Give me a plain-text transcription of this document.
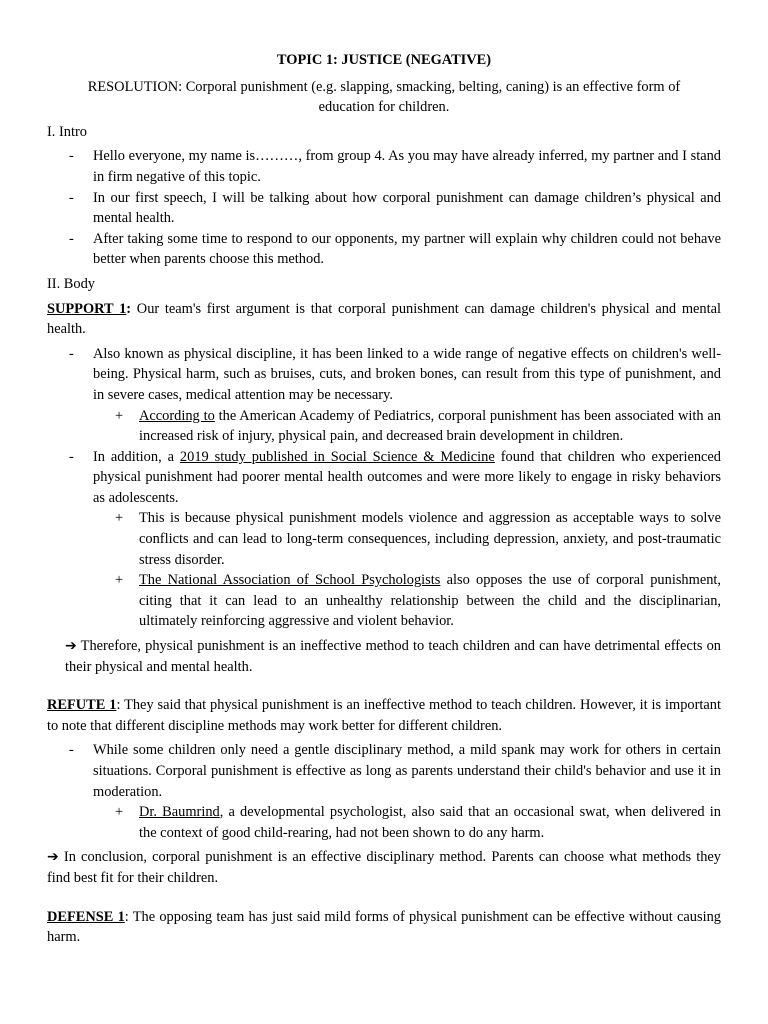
TOPIC 1: JUSTICE (NEGATIVE)
RESOLUTION: Corporal punishment (e.g. slapping, smacking, belting, caning) is an effective form of education for children.
I. Intro
- Hello everyone, my name is………, from group 4. As you may have already inferred, my partner and I stand in firm negative of this topic.
- In our first speech, I will be talking about how corporal punishment can damage children’s physical and mental health.
- After taking some time to respond to our opponents, my partner will explain why children could not behave better when parents choose this method.
II. Body

SUPPORT 1: Our team's first argument is that corporal punishment can damage children's physical and mental health.

- Also known as physical discipline, it has been linked to a wide range of negative effects on children's well-being. Physical harm, such as bruises, cuts, and broken bones, can result from this type of punishment, and in severe cases, medical attention may be necessary.
+ According to the American Academy of Pediatrics, corporal punishment has been associated with an increased risk of injury, physical pain, and decreased brain development in children.
- In addition, a 2019 study published in Social Science & Medicine found that children who experienced physical punishment had poorer mental health outcomes and were more likely to engage in risky behaviors as adolescents.
+ This is because physical punishment models violence and aggression as acceptable ways to solve conflicts and can lead to long-term consequences, including depression, anxiety, and post-traumatic stress disorder.
+ The National Association of School Psychologists also opposes the use of corporal punishment, citing that it can lead to an unhealthy relationship between the child and the disciplinarian, ultimately reinforcing aggressive and violent behavior.

➔ Therefore, physical punishment is an ineffective method to teach children and can have detrimental effects on their physical and mental health.

REFUTE 1: They said that physical punishment is an ineffective method to teach children. However, it is important to note that different discipline methods may work better for different children.

- While some children only need a gentle disciplinary method, a mild spank may work for others in certain situations. Corporal punishment is effective as long as parents understand their child's behavior and use it in moderation.
+ Dr. Baumrind, a developmental psychologist, also said that an occasional swat, when delivered in the context of good child-rearing, had not been shown to do any harm.

➔ In conclusion, corporal punishment is an effective disciplinary method. Parents can choose what methods they find best fit for their children.

DEFENSE 1: The opposing team has just said mild forms of physical punishment can be effective without causing harm.
